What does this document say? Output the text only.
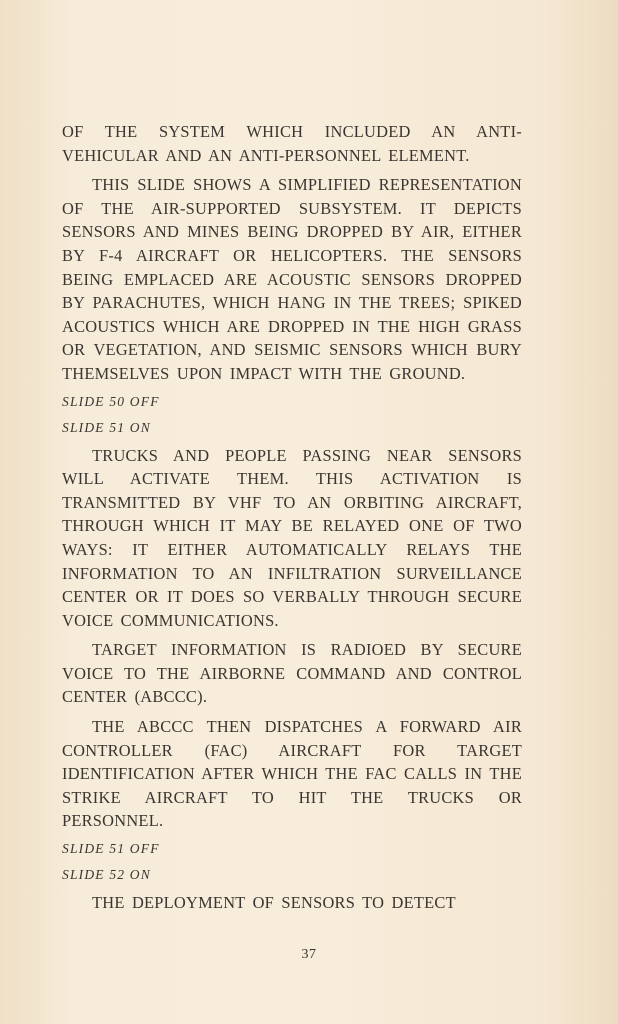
OF THE SYSTEM WHICH INCLUDED AN ANTI-VEHICULAR AND AN ANTI-PERSONNEL ELEMENT.

THIS SLIDE SHOWS A SIMPLIFIED REPRESENTATION OF THE AIR-SUPPORTED SUBSYSTEM. IT DEPICTS SENSORS AND MINES BEING DROPPED BY AIR, EITHER BY F-4 AIRCRAFT OR HELICOPTERS. THE SENSORS BEING EMPLACED ARE ACOUSTIC SENSORS DROPPED BY PARACHUTES, WHICH HANG IN THE TREES; SPIKED ACOUSTICS WHICH ARE DROPPED IN THE HIGH GRASS OR VEGETATION, AND SEISMIC SENSORS WHICH BURY THEMSELVES UPON IMPACT WITH THE GROUND.

SLIDE 50 OFF

SLIDE 51 ON

TRUCKS AND PEOPLE PASSING NEAR SENSORS WILL ACTIVATE THEM. THIS ACTIVATION IS TRANSMITTED BY VHF TO AN ORBITING AIRCRAFT, THROUGH WHICH IT MAY BE RELAYED ONE OF TWO WAYS: IT EITHER AUTOMATICALLY RELAYS THE INFORMATION TO AN INFILTRATION SURVEILLANCE CENTER OR IT DOES SO VERBALLY THROUGH SECURE VOICE COMMUNICATIONS.

TARGET INFORMATION IS RADIOED BY SECURE VOICE TO THE AIRBORNE COMMAND AND CONTROL CENTER (ABCCC).

THE ABCCC THEN DISPATCHES A FORWARD AIR CONTROLLER (FAC) AIRCRAFT FOR TARGET IDENTIFICATION AFTER WHICH THE FAC CALLS IN THE STRIKE AIRCRAFT TO HIT THE TRUCKS OR PERSONNEL.

SLIDE 51 OFF

SLIDE 52 ON

THE DEPLOYMENT OF SENSORS TO DETECT

37
